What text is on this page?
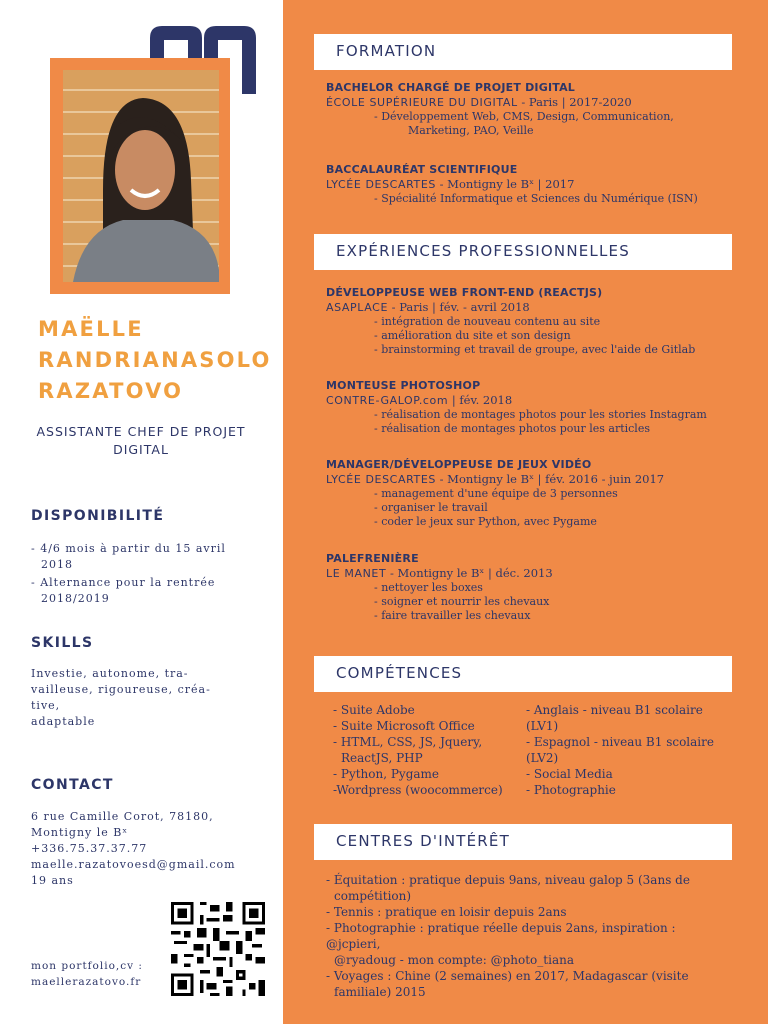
MAËLLE
RANDRIANASOLO
RAZATOVO
ASSISTANTE CHEF DE PROJET DIGITAL
DISPONIBILITÉ
- 4/6 mois à partir du 15 avril
2018
- Alternance pour la rentrée
2018/2019
SKILLS
Investie, autonome, tra-
vailleuse, rigoureuse, créa-
tive,
adaptable
CONTACT
6 rue Camille Corot, 78180,
Montigny le Bˣ
+336.75.37.37.77
maelle.razatovoesd@gmail.com
19 ans
mon portfolio,cv :
maellerazatovo.fr
FORMATION
BACHELOR CHARGÉ DE PROJET DIGITAL
ÉCOLE SUPÉRIEURE DU DIGITAL - Paris | 2017-2020
- Développement Web, CMS, Design, Communication,
Marketing, PAO, Veille
BACCALAURÉAT SCIENTIFIQUE
LYCÉE DESCARTES - Montigny le Bˣ | 2017
- Spécialité Informatique et Sciences du Numérique (ISN)
EXPÉRIENCES PROFESSIONNELLES
DÉVELOPPEUSE WEB FRONT-END (REACTJS)
ASAPLACE - Paris | fév. - avril 2018
- intégration de nouveau contenu au site
- amélioration du site et son design
- brainstorming et travail de groupe, avec l'aide de Gitlab
MONTEUSE PHOTOSHOP
CONTRE-GALOP.com | fév. 2018
- réalisation de montages photos pour les stories Instagram
- réalisation de montages photos pour les articles
MANAGER/DÉVELOPPEUSE DE JEUX VIDÉO
LYCÉE DESCARTES - Montigny le Bˣ | fév. 2016 - juin 2017
- management d'une équipe de 3 personnes
- organiser le travail
- coder le jeux sur Python, avec Pygame
PALEFRENIÈRE
LE MANET - Montigny le Bˣ | déc. 2013
- nettoyer les boxes
- soigner et nourrir les chevaux
- faire travailler les chevaux
COMPÉTENCES
- Suite Adobe
- Suite Microsoft Office
- HTML, CSS, JS, Jquery,
ReactJS, PHP
- Python, Pygame
-Wordpress (woocommerce)
- Anglais - niveau B1 scolaire
(LV1)
- Espagnol - niveau B1 scolaire
(LV2)
- Social Media
- Photographie
CENTRES D'INTÉRÊT
- Équitation : pratique depuis 9ans, niveau galop 5 (3ans de
compétition)
- Tennis : pratique en loisir depuis 2ans
- Photographie : pratique réelle depuis 2ans, inspiration : @jcpieri,
@ryadoug - mon compte: @photo_tiana
- Voyages : Chine (2 semaines) en 2017, Madagascar (visite
familiale) 2015
